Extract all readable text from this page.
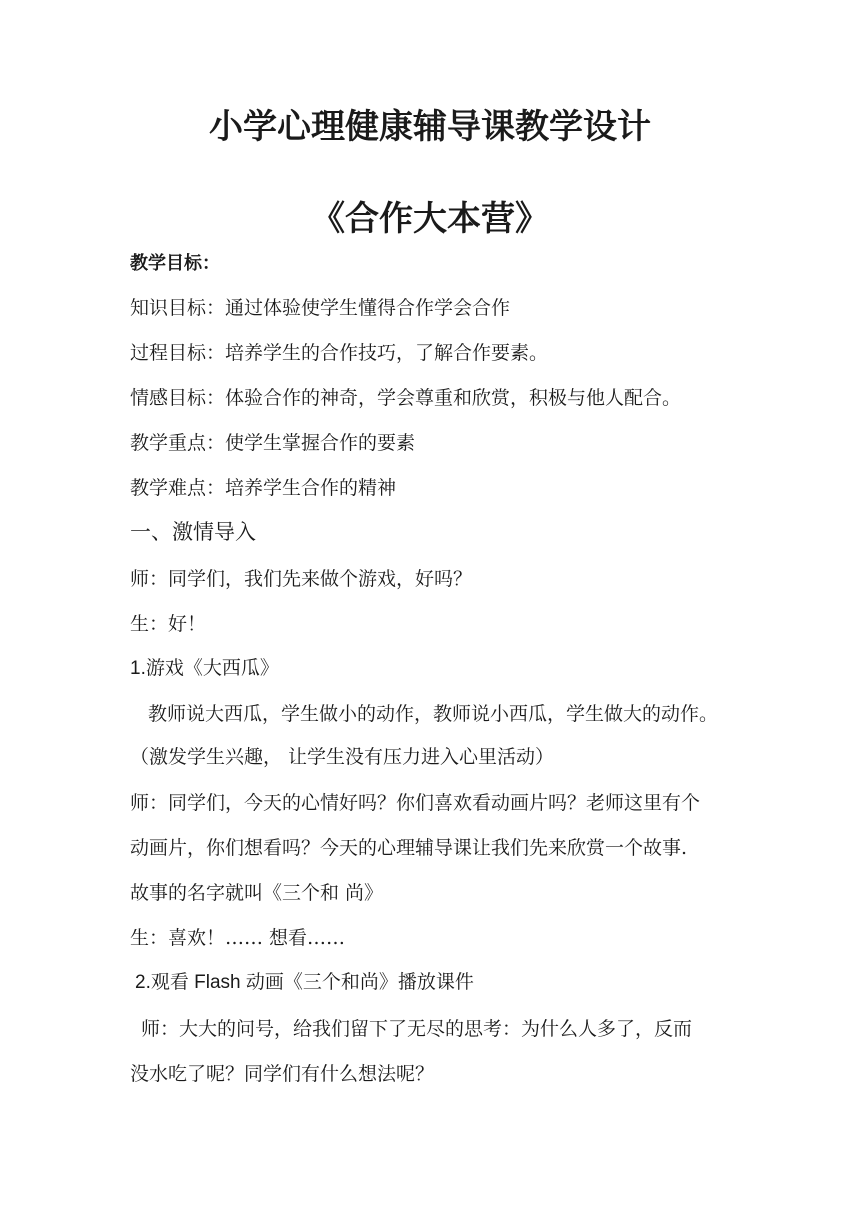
小学心理健康辅导课教学设计
《合作大本营》
教学目标：
知识目标：通过体验使学生懂得合作学会合作
过程目标：培养学生的合作技巧，了解合作要素。
情感目标：体验合作的神奇，学会尊重和欣赏，积极与他人配合。
教学重点：使学生掌握合作的要素
教学难点：培养学生合作的精神
一、激情导入
师：同学们，我们先来做个游戏，好吗？
生：好！
1.游戏《大西瓜》
教师说大西瓜，学生做小的动作，教师说小西瓜，学生做大的动作。
（激发学生兴趣， 让学生没有压力进入心里活动）
师：同学们，今天的心情好吗？你们喜欢看动画片吗？老师这里有个
动画片，你们想看吗？今天的心理辅导课让我们先来欣赏一个故事.
故事的名字就叫《三个和 尚》
生：喜欢！…… 想看……
2.观看 Flash 动画《三个和尚》播放课件
师：大大的问号，给我们留下了无尽的思考：为什么人多了，反而
没水吃了呢？同学们有什么想法呢？
